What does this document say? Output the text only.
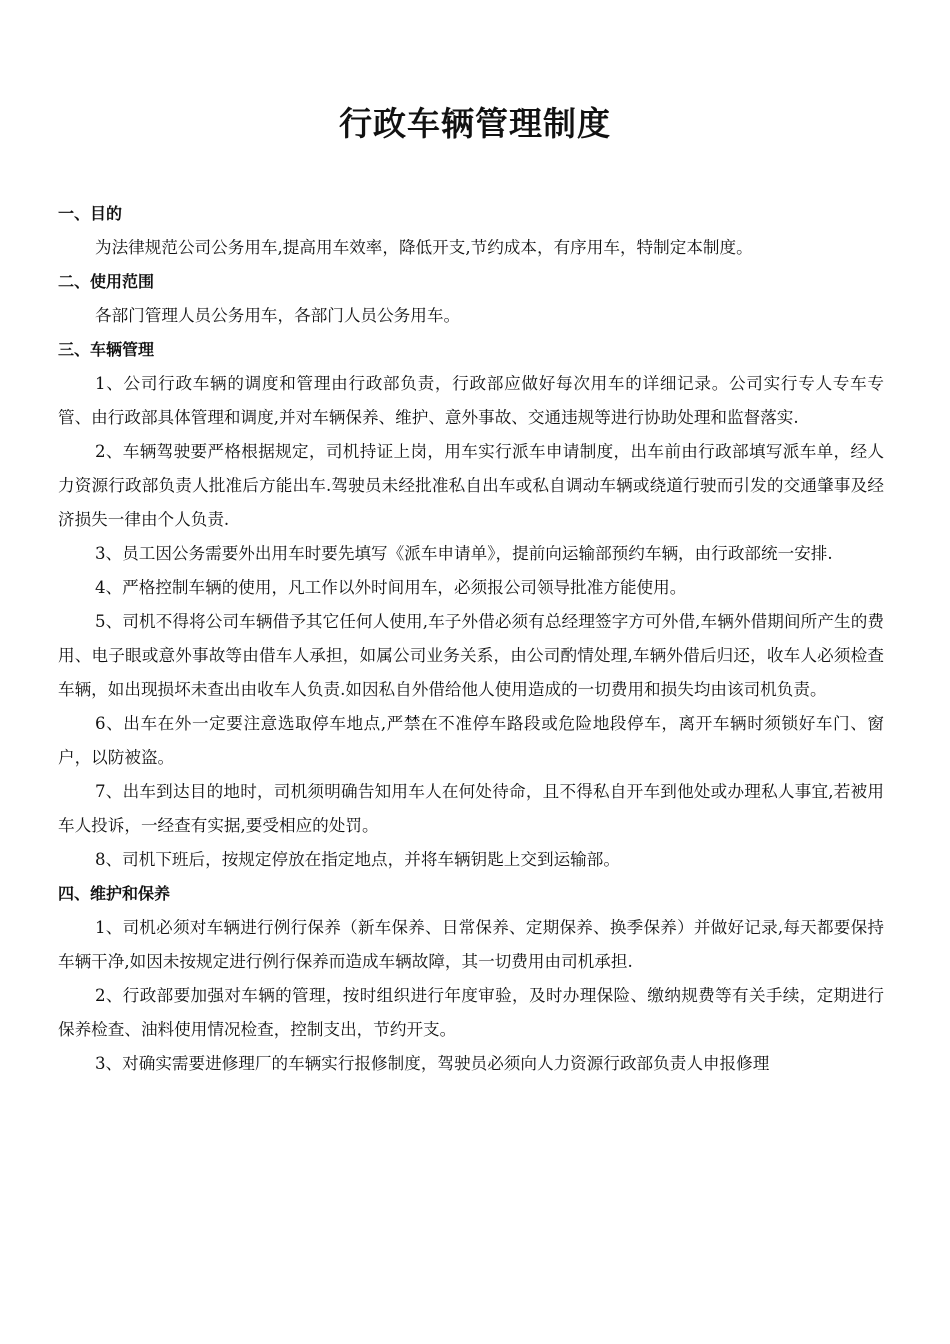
行政车辆管理制度
一、目的

为法律规范公司公务用车,提高用车效率，降低开支,节约成本，有序用车，特制定本制度。

二、使用范围

各部门管理人员公务用车，各部门人员公务用车。

三、车辆管理

1、公司行政车辆的调度和管理由行政部负责，行政部应做好每次用车的详细记录。公司实行专人专车专管、由行政部具体管理和调度,并对车辆保养、维护、意外事故、交通违规等进行协助处理和监督落实.

2、车辆驾驶要严格根据规定，司机持证上岗，用车实行派车申请制度，出车前由行政部填写派车单，经人力资源行政部负责人批准后方能出车.驾驶员未经批准私自出车或私自调动车辆或绕道行驶而引发的交通肇事及经济损失一律由个人负责.

3、员工因公务需要外出用车时要先填写《派车申请单》，提前向运输部预约车辆，由行政部统一安排.

4、严格控制车辆的使用，凡工作以外时间用车，必须报公司领导批准方能使用。

5、司机不得将公司车辆借予其它任何人使用,车子外借必须有总经理签字方可外借,车辆外借期间所产生的费用、电子眼或意外事故等由借车人承担，如属公司业务关系，由公司酌情处理,车辆外借后归还，收车人必须检查车辆，如出现损坏未查出由收车人负责.如因私自外借给他人使用造成的一切费用和损失均由该司机负责。

6、出车在外一定要注意选取停车地点,严禁在不准停车路段或危险地段停车，离开车辆时须锁好车门、窗户，以防被盗。

7、出车到达目的地时，司机须明确告知用车人在何处待命，且不得私自开车到他处或办理私人事宜,若被用车人投诉，一经查有实据,要受相应的处罚。

8、司机下班后，按规定停放在指定地点，并将车辆钥匙上交到运输部。

四、维护和保养

1、司机必须对车辆进行例行保养（新车保养、日常保养、定期保养、换季保养）并做好记录,每天都要保持车辆干净,如因未按规定进行例行保养而造成车辆故障，其一切费用由司机承担.

2、行政部要加强对车辆的管理，按时组织进行年度审验，及时办理保险、缴纳规费等有关手续，定期进行保养检查、油料使用情况检查，控制支出，节约开支。

3、对确实需要进修理厂的车辆实行报修制度，驾驶员必须向人力资源行政部负责人申报修理
